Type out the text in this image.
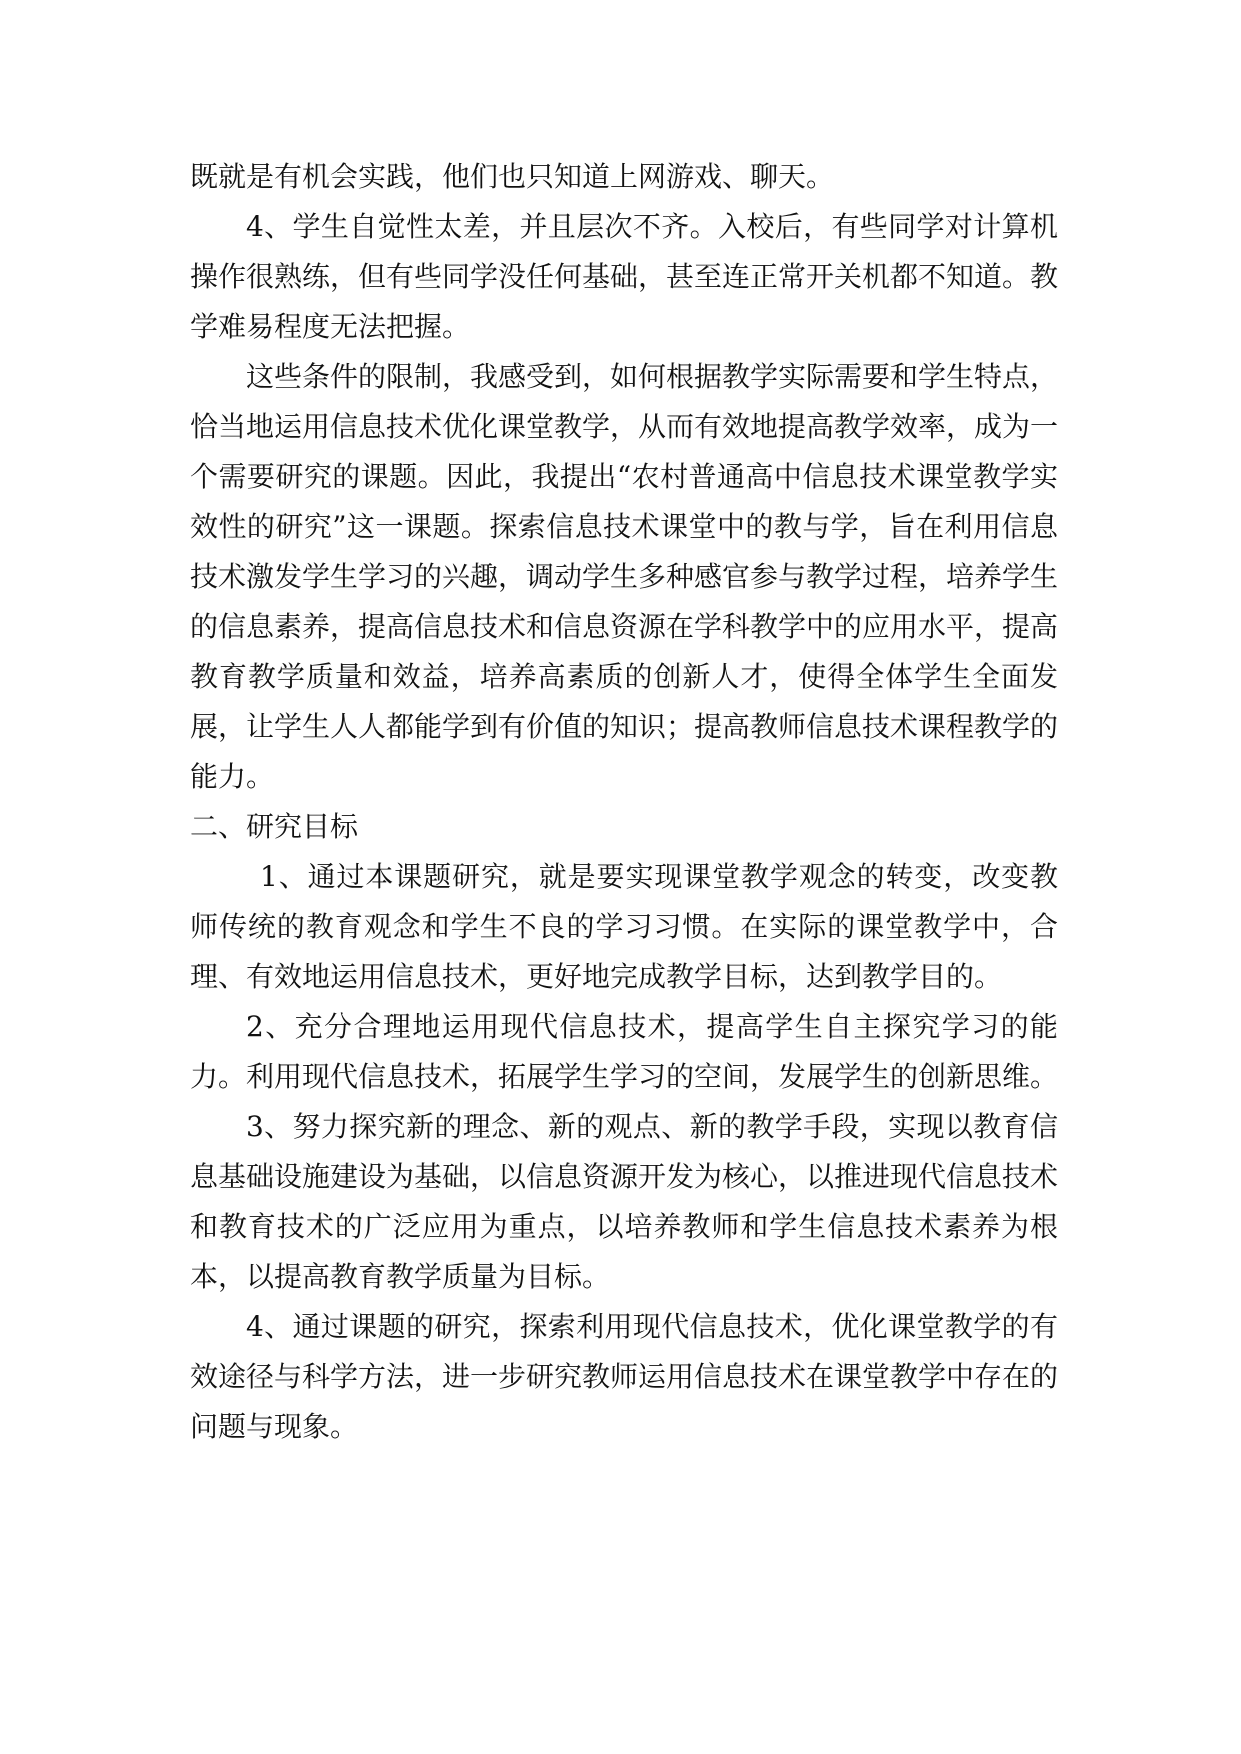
既就是有机会实践，他们也只知道上网游戏、聊天。

4、学生自觉性太差，并且层次不齐。入校后，有些同学对计算机操作很熟练，但有些同学没任何基础，甚至连正常开关机都不知道。教学难易程度无法把握。

这些条件的限制，我感受到，如何根据教学实际需要和学生特点，恰当地运用信息技术优化课堂教学，从而有效地提高教学效率，成为一个需要研究的课题。因此，我提出“农村普通高中信息技术课堂教学实效性的研究”这一课题。探索信息技术课堂中的教与学，旨在利用信息技术激发学生学习的兴趣，调动学生多种感官参与教学过程，培养学生的信息素养，提高信息技术和信息资源在学科教学中的应用水平，提高教育教学质量和效益，培养高素质的创新人才，使得全体学生全面发展，让学生人人都能学到有价值的知识；提高教师信息技术课程教学的能力。

二、研究目标

1、通过本课题研究，就是要实现课堂教学观念的转变，改变教师传统的教育观念和学生不良的学习习惯。在实际的课堂教学中，合理、有效地运用信息技术，更好地完成教学目标，达到教学目的。

2、充分合理地运用现代信息技术，提高学生自主探究学习的能力。利用现代信息技术，拓展学生学习的空间，发展学生的创新思维。

3、努力探究新的理念、新的观点、新的教学手段，实现以教育信息基础设施建设为基础，以信息资源开发为核心，以推进现代信息技术和教育技术的广泛应用为重点，以培养教师和学生信息技术素养为根本，以提高教育教学质量为目标。

4、通过课题的研究，探索利用现代信息技术，优化课堂教学的有效途径与科学方法，进一步研究教师运用信息技术在课堂教学中存在的问题与现象。
